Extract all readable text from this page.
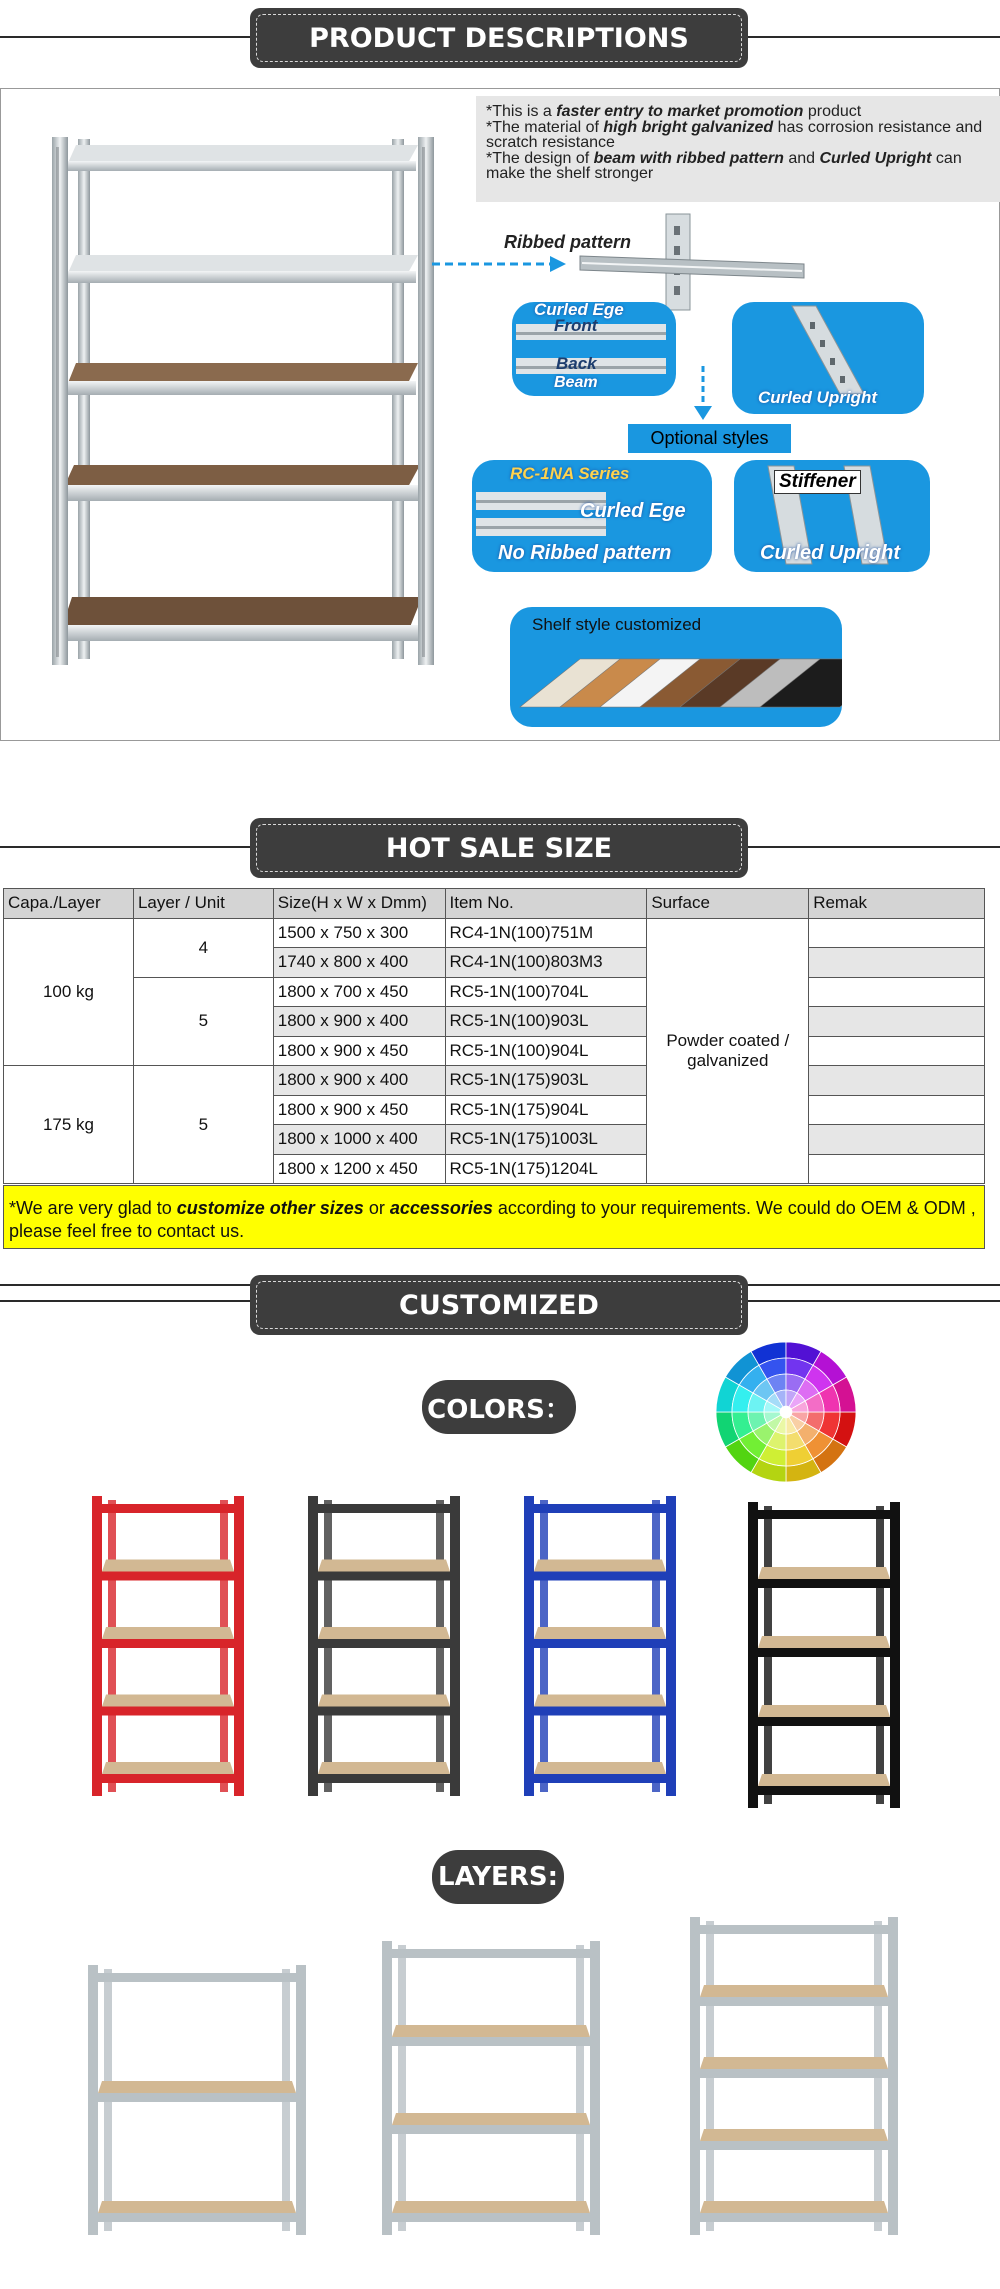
PRODUCT DESCRIPTIONS
*This is a faster entry to market promotion product
*The material of high bright galvanized has corrosion resistance and scratch resistance
*The design of beam with ribbed pattern and Curled Upright can make the shelf stronger
Ribbed pattern
Curled Ege
Front
Back
Beam
Curled Upright
Optional styles
RC-1NA Series
Curled Ege
No Ribbed pattern
Stiffener
Curled Upright
Shelf style customized
HOT SALE SIZE
Capa./Layer	Layer / Unit	Size(H x W x Dmm)	Item No.	Surface	Remak
100 kg	4	1500 x 750 x 300	RC4-1N(100)751M	Powder coated / galvanized	
		1740 x 800 x 400	RC4-1N(100)803M3		
	5	1800 x 700 x 450	RC5-1N(100)704L		
		1800 x 900 x 400	RC5-1N(100)903L		
		1800 x 900 x 450	RC5-1N(100)904L		
175 kg	5	1800 x 900 x 400	RC5-1N(175)903L		
		1800 x 900 x 450	RC5-1N(175)904L		
		1800 x 1000 x 400	RC5-1N(175)1003L		
		1800 x 1200 x 450	RC5-1N(175)1204L		
*We are very glad to customize other sizes or accessories according to your requirements. We could do OEM & ODM , please feel free to contact us.
CUSTOMIZED
COLORS：
LAYERS:
